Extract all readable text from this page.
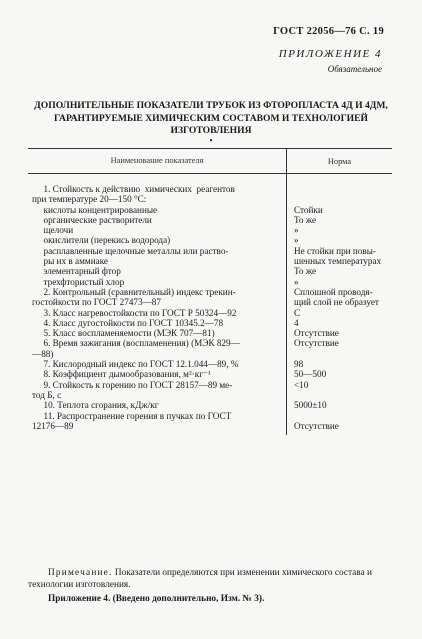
ГОСТ 22056—76 С. 19
ПРИЛОЖЕНИЕ 4
Обязательное
ДОПОЛНИТЕЛЬНЫЕ ПОКАЗАТЕЛИ ТРУБОК ИЗ ФТОРОПЛАСТА 4Д И 4ДМ,
ГАРАНТИРУЕМЫЕ ХИМИЧЕСКИМ СОСТАВОМ И ТЕХНОЛОГИЕЙ
ИЗГОТОВЛЕНИЯ
•
Наименование показателя	Норма
1. Стойкость к действию  химических  реагентов
при температуре 20—150 °С:
кислоты концентрированные	Стойки
органические растворители	То же
щелочи	»
окислители (перекись водорода)	»
расплавленные щелочные металлы или раство-	Не стойки при повы-
ры их в аммиаке	шенных температурах
элементарный фтор	То же
трехфтористый хлор	»
2. Контрольный (сравнительный) индекс трекин-	Сплошной проводя-
гостойкости по ГОСТ 27473—87	щий слой не образует
3. Класс нагревостойкости по ГОСТ Р 50324—92	С
4. Класс дугостойкости по ГОСТ 10345.2—78	4
5. Класс воспламеняемости (МЭК 707—81)	Отсутствие
6. Время зажигания (воспламенения) (МЭК 829—	Отсутствие
—88)
7. Кислородный индекс по ГОСТ 12.1.044—89, %	98
8. Коэффициент дымообразования, м²·кг⁻¹	50—500
9. Стойкость к горению по ГОСТ 28157—89 ме-	<10
тод Б, с
10. Теплота сгорания, кДж/кг	5000±10
11. Распространение горения в пучках по ГОСТ
12176—89	Отсутствие
Примечание. Показатели определяются при изменении химического состава и технологии изготовления.
Приложение 4. (Введено дополнительно, Изм. № 3).
